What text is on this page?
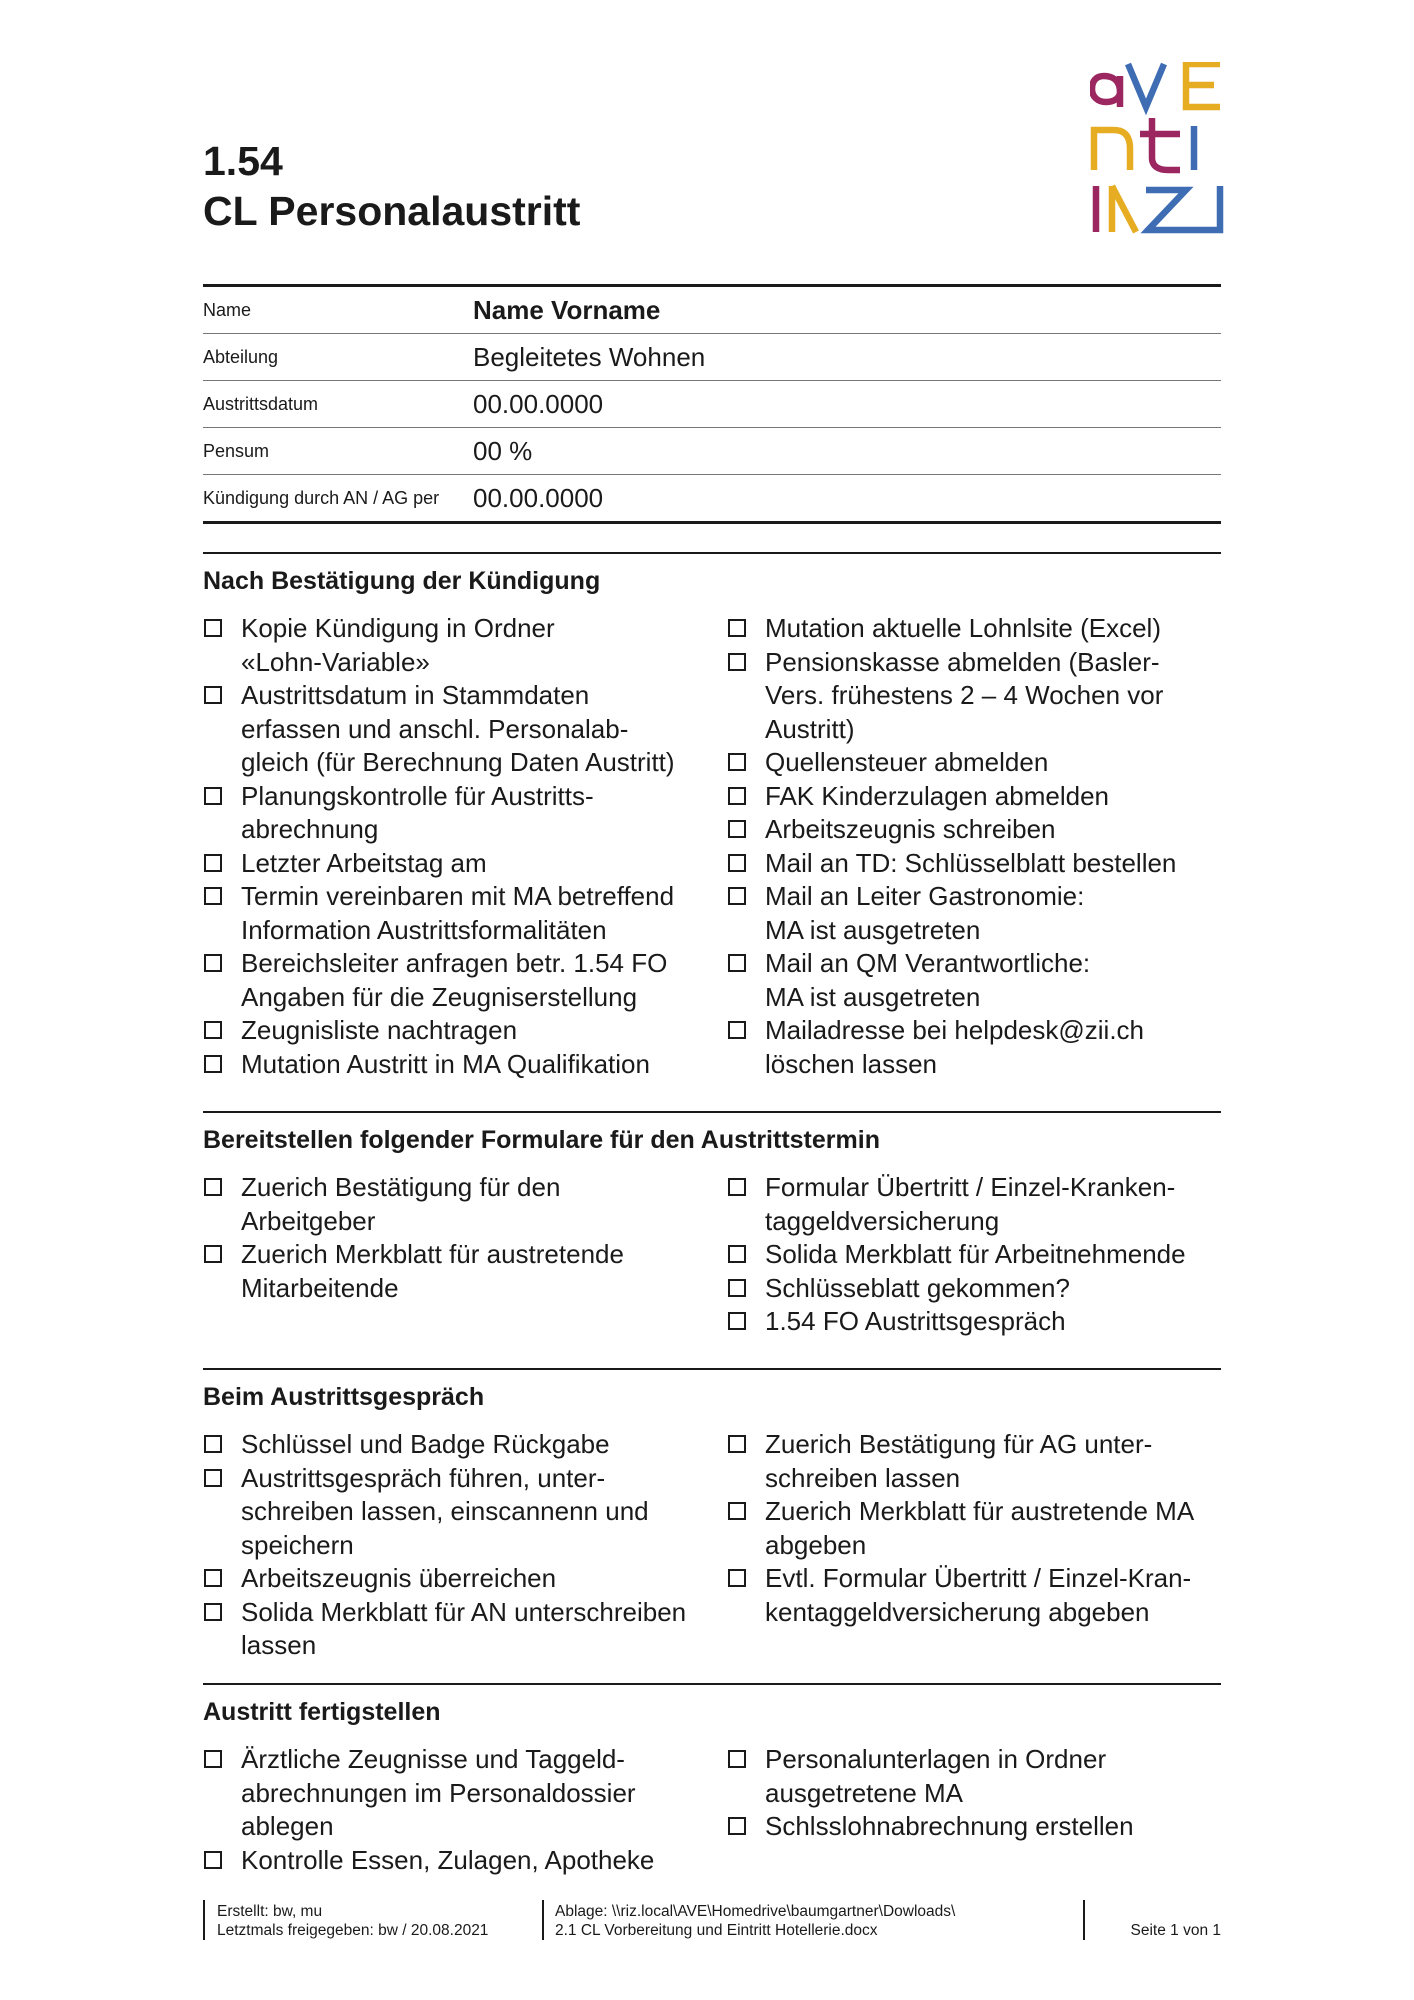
1.54
CL Personalaustritt
Name	Name Vorname
Abteilung	Begleitetes Wohnen
Austrittsdatum	00.00.0000
Pensum	00 %
Kündigung durch AN / AG per	00.00.0000
Nach Bestätigung der Kündigung
Kopie Kündigung in Ordner
«Lohn-Variable»
Austrittsdatum in Stammdaten
erfassen und anschl. Personalab-
gleich (für Berechnung Daten Austritt)
Planungskontrolle für Austritts-
abrechnung
Letzter Arbeitstag am
Termin vereinbaren mit MA betreffend
Information Austrittsformalitäten
Bereichsleiter anfragen betr. 1.54 FO
Angaben für die Zeugniserstellung
Zeugnisliste nachtragen
Mutation Austritt in MA Qualifikation
Mutation aktuelle Lohnlsite (Excel)
Pensionskasse abmelden (Basler-
Vers. frühestens 2 – 4 Wochen vor
Austritt)
Quellensteuer abmelden
FAK Kinderzulagen abmelden
Arbeitszeugnis schreiben
Mail an TD: Schlüsselblatt bestellen
Mail an Leiter Gastronomie:
MA ist ausgetreten
Mail an QM Verantwortliche:
MA ist ausgetreten
Mailadresse bei helpdesk@zii.ch
löschen lassen
Bereitstellen folgender Formulare für den Austrittstermin
Zuerich Bestätigung für den
Arbeitgeber
Zuerich Merkblatt für austretende
Mitarbeitende
Formular Übertritt / Einzel-Kranken-
taggeldversicherung
Solida Merkblatt für Arbeitnehmende
Schlüsseblatt gekommen?
1.54 FO Austrittsgespräch
Beim Austrittsgespräch
Schlüssel und Badge Rückgabe
Austrittsgespräch führen, unter-
schreiben lassen, einscannenn und
speichern
Arbeitszeugnis überreichen
Solida Merkblatt für AN unterschreiben
lassen
Zuerich Bestätigung für AG unter-
schreiben lassen
Zuerich Merkblatt für austretende MA
abgeben
Evtl. Formular Übertritt / Einzel-Kran-
kentaggeldversicherung abgeben
Austritt fertigstellen
Ärztliche Zeugnisse und Taggeld-
abrechnungen im Personaldossier
ablegen
Kontrolle Essen, Zulagen, Apotheke
Personalunterlagen in Ordner
ausgetretene MA
Schlsslohnabrechnung erstellen
Erstellt: bw, mu
Letztmals freigegeben: bw / 20.08.2021
Ablage: \\riz.local\AVE\Homedrive\baumgartner\Dowloads\
2.1 CL Vorbereitung und Eintritt Hotellerie.docx	Seite 1 von 1
